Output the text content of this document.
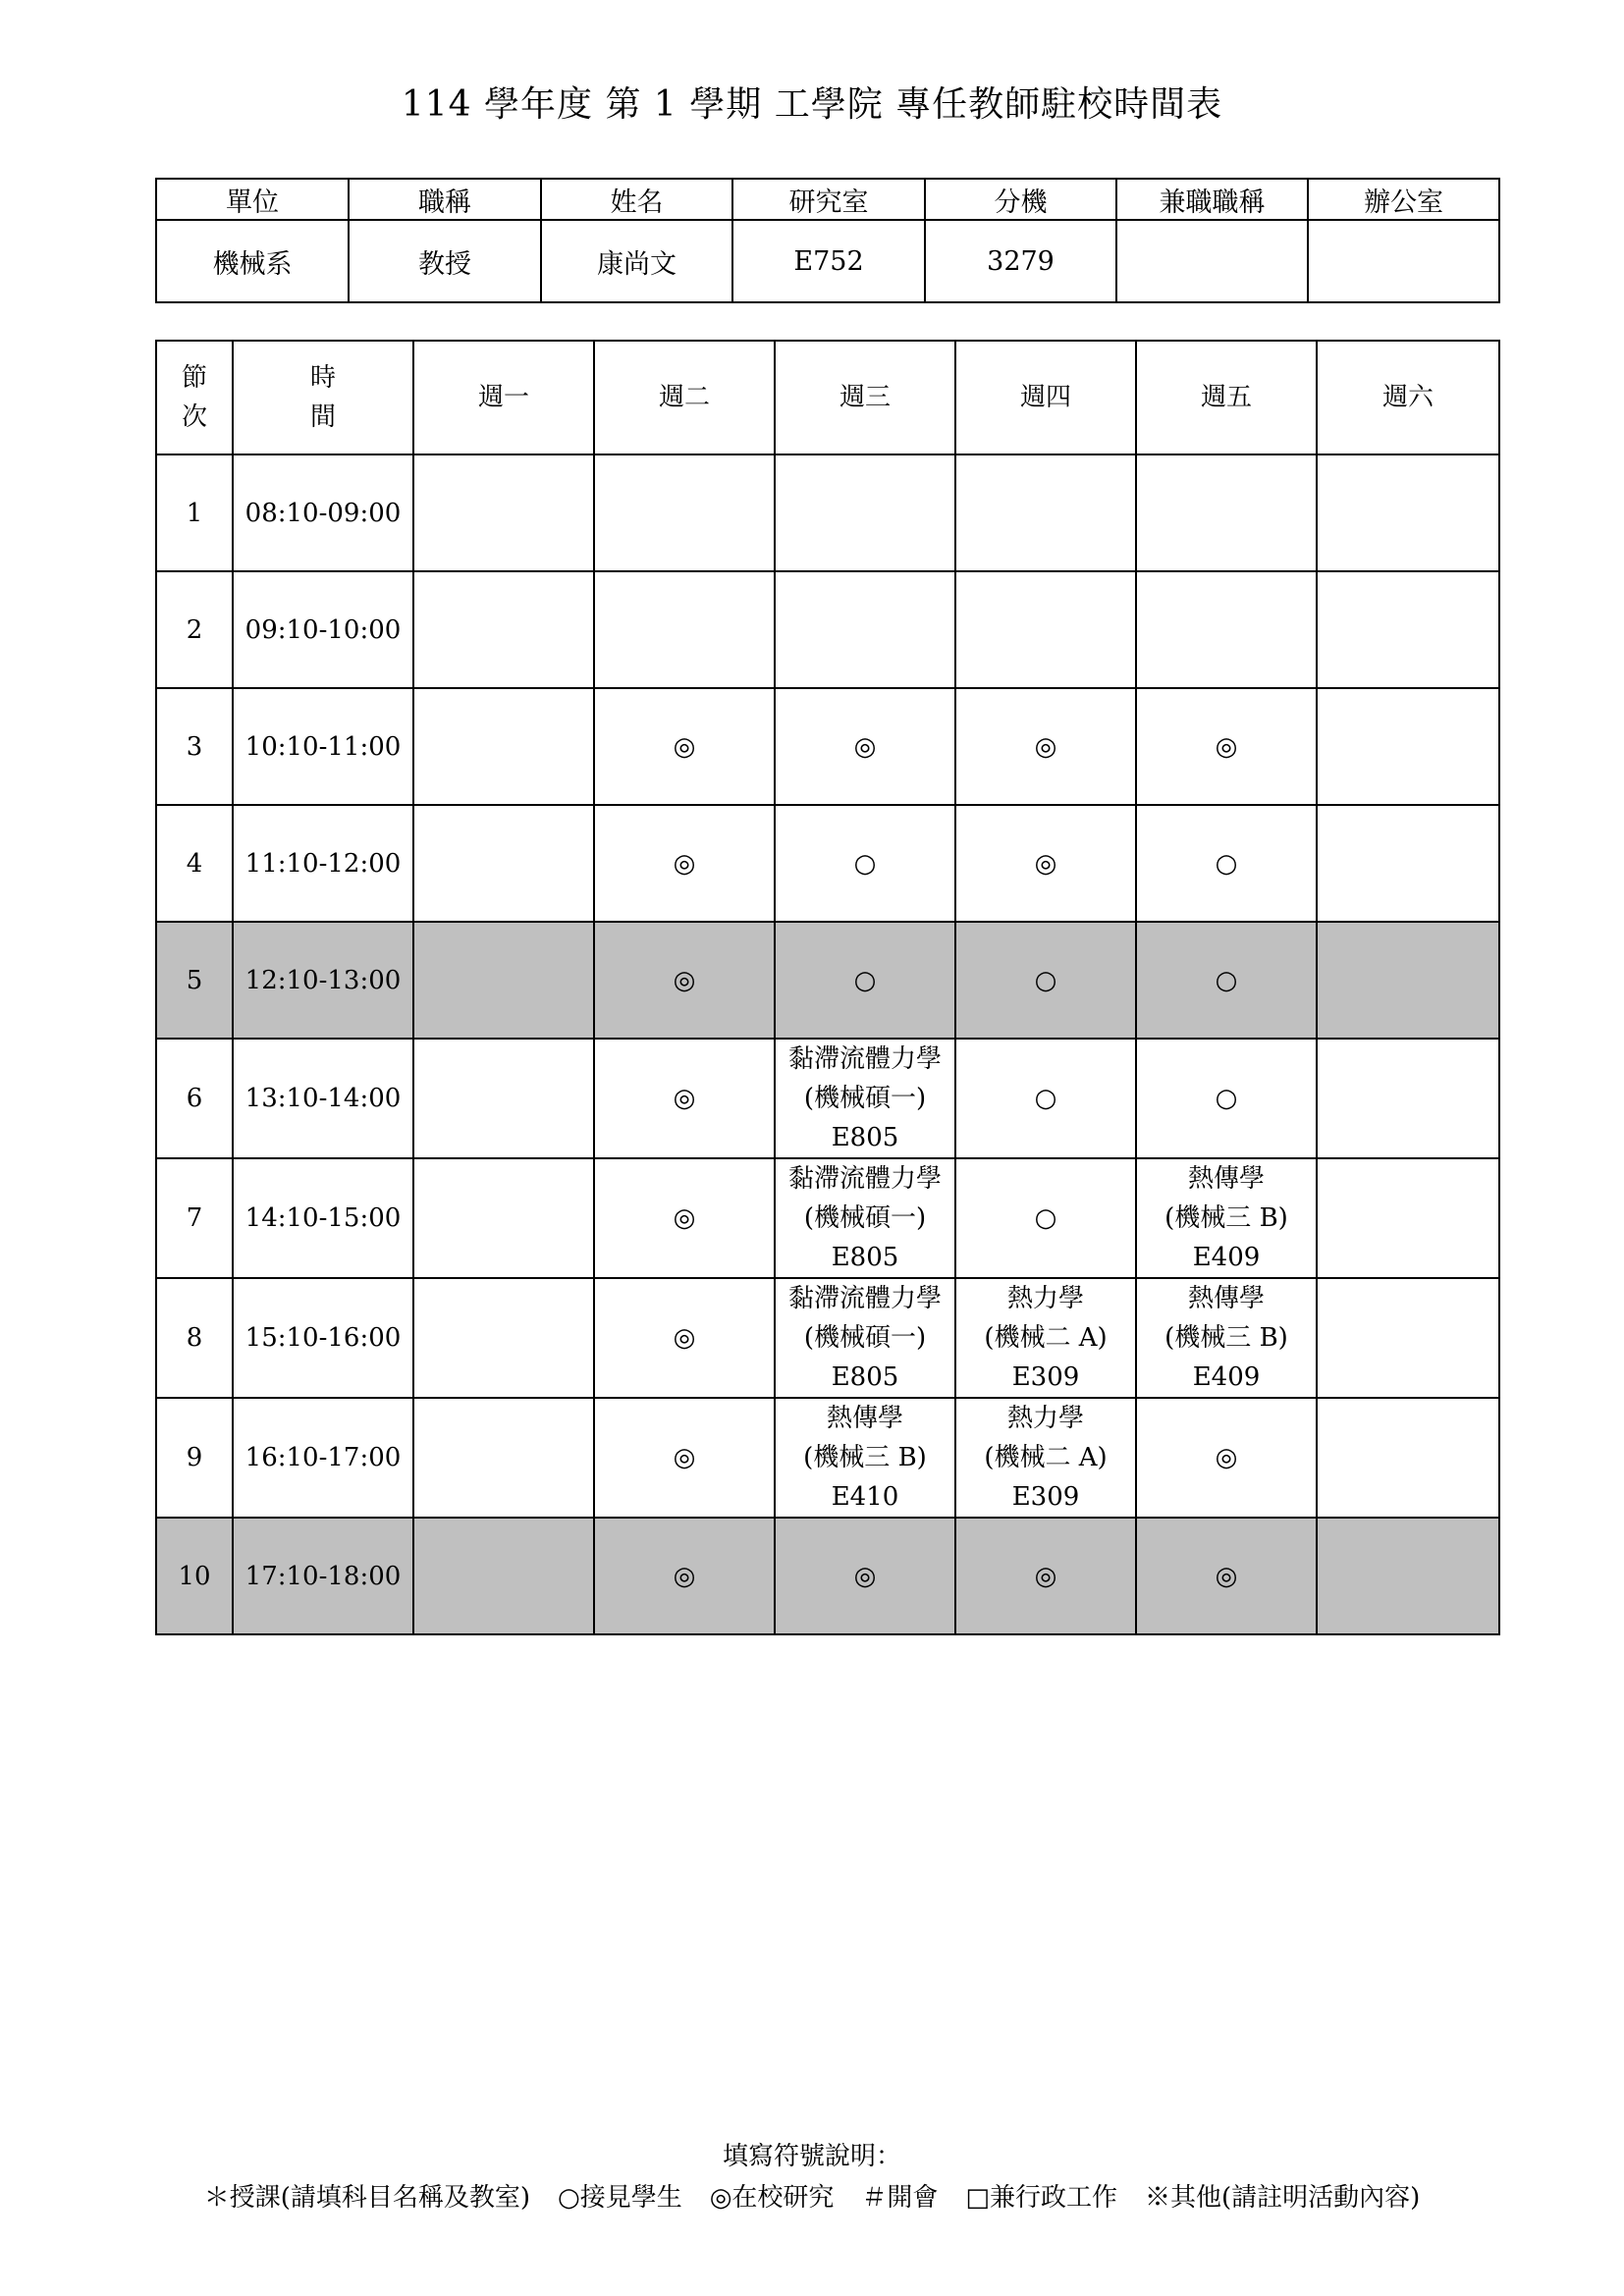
114 學年度 第 1 學期 工學院 專任教師駐校時間表
單位	職稱	姓名	研究室	分機	兼職職稱	辦公室
機械系	教授	康尚文	E752	3279		
節
次	時
間	週一	週二	週三	週四	週五	週六
1	08:10-09:00						
2	09:10-10:00						
3	10:10-11:00		◎	◎	◎	◎	

4	11:10-12:00		◎	○	◎	○	

5	12:10-13:00		◎	○	○	○	

6	13:10-14:00		◎	黏滯流體力學
(機械碩一)
E805	○	○	

7	14:10-15:00		◎	黏滯流體力學
(機械碩一)
E805	○	熱傳學
(機械三 B)
E409	

8	15:10-16:00		◎	黏滯流體力學
(機械碩一)
E805	熱力學
(機械二 A)
E309	熱傳學
(機械三 B)
E409	

9	16:10-17:00		◎	熱傳學
(機械三 B)
E410	熱力學
(機械二 A)
E309	◎	

10	17:10-18:00		◎	◎	◎	◎	

填寫符號說明：
＊授課(請填科目名稱及教室) ○接見學生 ◎在校研究 ＃開會 □兼行政工作 ※其他(請註明活動內容)
